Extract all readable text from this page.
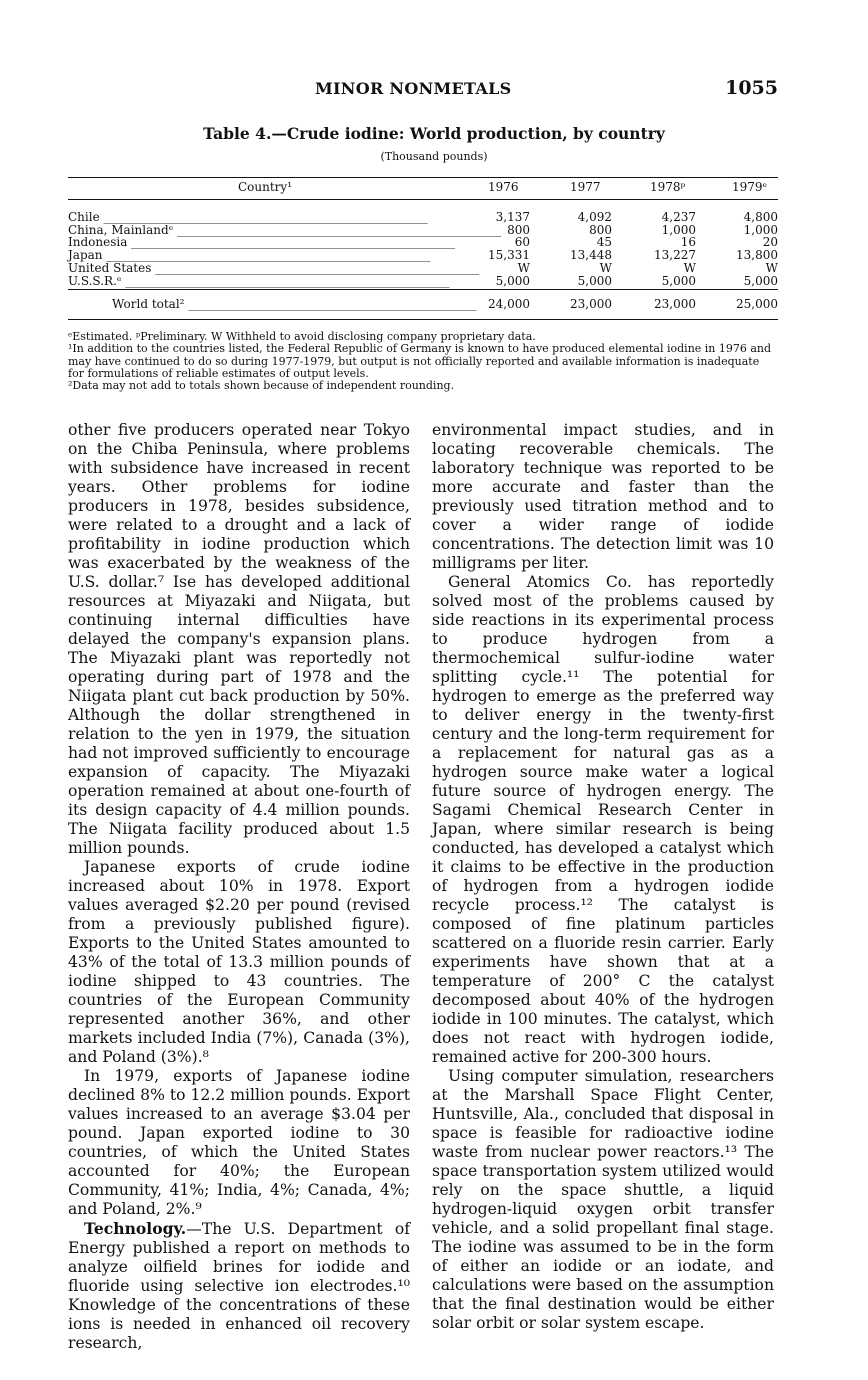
MINOR NONMETALS	1055
Table 4.—Crude iodine: World production, by country
(Thousand pounds)
Country¹	1976	1977	1978ᵖ	1979ᵉ
Chile ______________________________________________________	3,137	4,092	4,237	4,800
China, Mainlandᵉ ______________________________________________________ 800	800	1,000	1,000
Indonesia ______________________________________________________	60	45	16	20
Japan ______________________________________________________	15,331	13,448	13,227	13,800
United States ______________________________________________________	W	W	W	W
U.S.S.R.ᵉ ______________________________________________________	5,000	5,000	5,000	5,000
World total² ________________________________________________ 24,000	23,000	23,000	25,000

ᵉEstimated. ᵖPreliminary. W Withheld to avoid disclosing company proprietary data.

¹In addition to the countries listed, the Federal Republic of Germany is known to have produced elemental iodine in 1976 and may have continued to do so during 1977-1979, but output is not officially reported and available information is inadequate for formulations of reliable estimates of output levels.

²Data may not add to totals shown because of independent rounding.

other five producers operated near Tokyo on the Chiba Peninsula, where problems with subsidence have increased in recent years. Other problems for iodine producers in 1978, besides subsidence, were related to a drought and a lack of profitability in iodine production which was exacerbated by the weakness of the U.S. dollar.⁷ Ise has developed additional resources at Miyazaki and Niigata, but continuing internal difficulties have delayed the company's expansion plans. The Miyazaki plant was reportedly not operating during part of 1978 and the Niigata plant cut back production by 50%. Although the dollar strengthened in relation to the yen in 1979, the situation had not improved sufficiently to encourage expansion of capacity. The Miyazaki operation remained at about one-fourth of its design capacity of 4.4 million pounds. The Niigata facility produced about 1.5 million pounds.

Japanese exports of crude iodine increased about 10% in 1978. Export values averaged $2.20 per pound (revised from a previously published figure). Exports to the United States amounted to 43% of the total of 13.3 million pounds of iodine shipped to 43 countries. The countries of the European Community represented another 36%, and other markets included India (7%), Canada (3%), and Poland (3%).⁸

In 1979, exports of Japanese iodine declined 8% to 12.2 million pounds. Export values increased to an average $3.04 per pound. Japan exported iodine to 30 countries, of which the United States accounted for 40%; the European Community, 41%; India, 4%; Canada, 4%; and Poland, 2%.⁹

Technology.—The U.S. Department of Energy published a report on methods to analyze oilfield brines for iodide and fluoride using selective ion electrodes.¹⁰ Knowledge of the concentrations of these ions is needed in enhanced oil recovery research,

environmental impact studies, and in locating recoverable chemicals. The laboratory technique was reported to be more accurate and faster than the previously used titration method and to cover a wider range of iodide concentrations. The detection limit was 10 milligrams per liter.

General Atomics Co. has reportedly solved most of the problems caused by side reactions in its experimental process to produce hydrogen from a thermochemical sulfur-iodine water splitting cycle.¹¹ The potential for hydrogen to emerge as the preferred way to deliver energy in the twenty-first century and the long-term requirement for a replacement for natural gas as a hydrogen source make water a logical future source of hydrogen energy. The Sagami Chemical Research Center in Japan, where similar research is being conducted, has developed a catalyst which it claims to be effective in the production of hydrogen from a hydrogen iodide recycle process.¹² The catalyst is composed of fine platinum particles scattered on a fluoride resin carrier. Early experiments have shown that at a temperature of 200° C the catalyst decomposed about 40% of the hydrogen iodide in 100 minutes. The catalyst, which does not react with hydrogen iodide, remained active for 200-300 hours.

Using computer simulation, researchers at the Marshall Space Flight Center, Huntsville, Ala., concluded that disposal in space is feasible for radioactive iodine waste from nuclear power reactors.¹³ The space transportation system utilized would rely on the space shuttle, a liquid hydrogen-liquid oxygen orbit transfer vehicle, and a solid propellant final stage. The iodine was assumed to be in the form of either an iodide or an iodate, and calculations were based on the assumption that the final destination would be either solar orbit or solar system escape.
